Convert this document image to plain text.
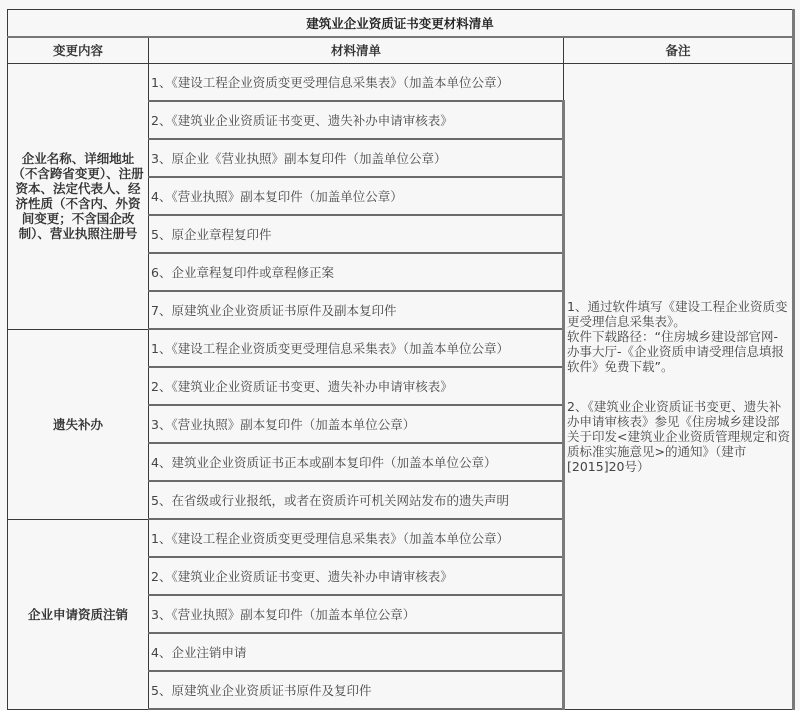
建筑业企业资质证书变更材料清单		
变更内容	材料清单	备注
企业名称、详细地址（不含跨省变更）、注册资本、法定代表人、经济性质（不含内、外资间变更；不含国企改制）、营业执照注册号	1、《建设工程企业资质变更受理信息采集表》（加盖本单位公章）	1、通过软件填写《建设工程企业资质变更受理信息采集表》。

软件下载路径：“住房城乡建设部官网-办事大厅-《企业资质申请受理信息填报软件》免费下载”。

2、《建筑业企业资质证书变更、遗失补办申请审核表》参见《住房城乡建设部关于印发<建筑业企业资质管理规定和资质标准实施意见>的通知》（建市[2015]20号）

	2、《建筑业企业资质证书变更、遗失补办申请审核表》	
	3、原企业《营业执照》副本复印件（加盖单位公章）	
	4、《营业执照》副本复印件（加盖单位公章）	
	5、原企业章程复印件	
	6、企业章程复印件或章程修正案	
	7、原建筑业企业资质证书原件及副本复印件	
遗失补办	1、《建设工程企业资质变更受理信息采集表》（加盖本单位公章）	
	2、《建筑业企业资质证书变更、遗失补办申请审核表》	
	3、《营业执照》副本复印件（加盖本单位公章）	
	4、建筑业企业资质证书正本或副本复印件（加盖本单位公章）	
	5、在省级或行业报纸，或者在资质许可机关网站发布的遗失声明	
企业申请资质注销	1、《建设工程企业资质变更受理信息采集表》（加盖本单位公章）	
	2、《建筑业企业资质证书变更、遗失补办申请审核表》	
	3、《营业执照》副本复印件（加盖本单位公章）	
	4、企业注销申请	
	5、原建筑业企业资质证书原件及复印件	
